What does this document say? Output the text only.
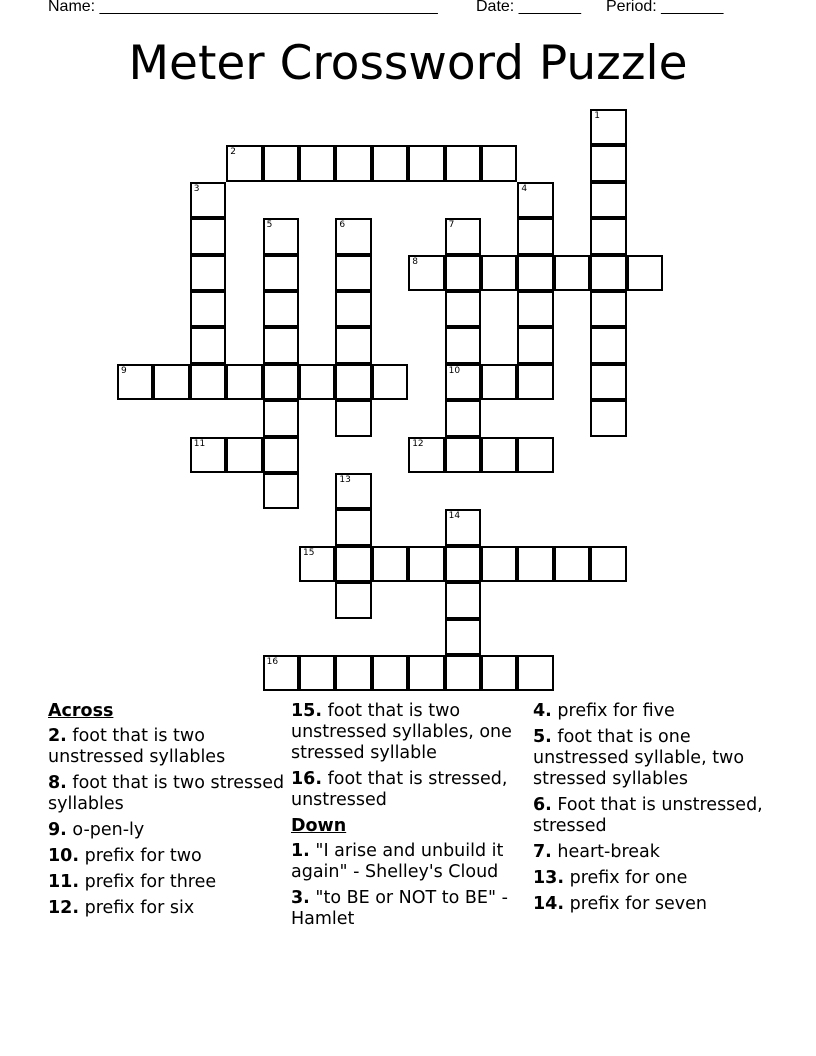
Name: ______________________________________

Date: _______

Period: _______

Meter Crossword Puzzle
1
2
3	4
5	6	7
10
8
9
11	12
13
14
15
16
Across
2. foot that is two unstressed syllables
8. foot that is two stressed syllables
9. o-pen-ly
10. prefix for two
11. prefix for three
12. prefix for six
15. foot that is two unstressed syllables, one stressed syllable
16. foot that is stressed, unstressed
Down
1. "I arise and unbuild it again" - Shelley's Cloud
3. "to BE or NOT to BE" - Hamlet
4. prefix for five
5. foot that is one unstressed syllable, two stressed syllables
6. Foot that is unstressed, stressed
7. heart-break
13. prefix for one
14. prefix for seven
